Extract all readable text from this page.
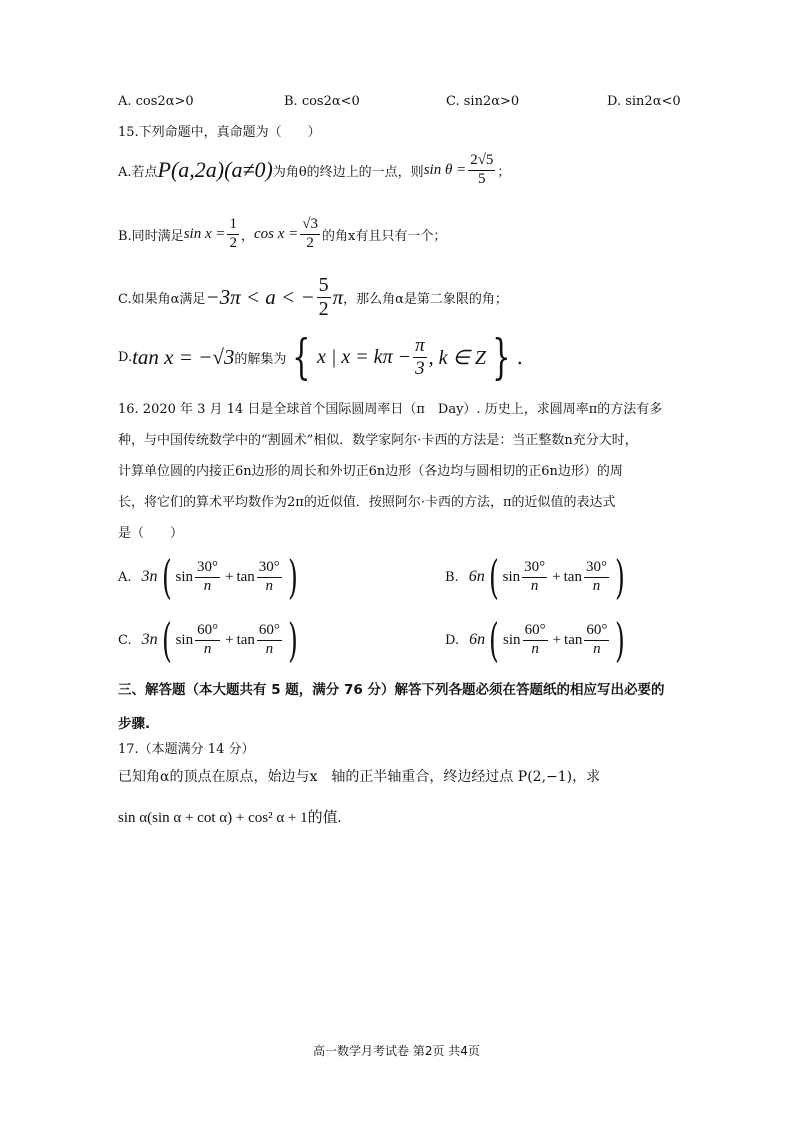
A. cos2α>0	B. cos2α<0	C. sin2α>0	D. sin2α<0
15.下列命题中，真命题为（　　）
A.若点 P(a,2a)(a≠0) 为角θ的终边上的一点，则 $\sin \theta = \frac{2√5}{5}$ ；
B.同时满足 $\sin x = \frac{1}{2}$ ， $\cos x = \frac{√3}{2}$ 的角x有且只有一个；
C.如果角α满足 −3π < a < − $\frac{5}{2}$ π ，那么角α是第二象限的角；
D. tan x = −√3 的解集为 { x | $x = k\pi - \frac{\pi}{3}$ , k ∈ Z } .
16. 2020 年 3 月 14 日是全球首个国际圆周率日（π　Day）. 历史上，求圆周率π的方法有多
种，与中国传统数学中的“割圆术”相似．数学家阿尔·卡西的方法是：当正整数n充分大时，
计算单位圆的内接正6n边形的周长和外切正6n边形（各边均与圆相切的正6n边形）的周
长，将它们的算术平均数作为2π的近似值．按照阿尔·卡西的方法，π的近似值的表达式
是（　　）
A. 3n ( $\sin \frac{30^\circ}{n} + \tan \frac{30^\circ}{n}$ )	B. 6n ( $\sin \frac{30^\circ}{n} + \tan \frac{30^\circ}{n}$ )
C. 3n ( $\sin \frac{60^\circ}{n} + \tan \frac{60^\circ}{n}$ )	D. 6n ( $\sin \frac{60^\circ}{n} + \tan \frac{60^\circ}{n}$ )
三、解答题（本大题共有 5 题，满分 76 分）解答下列各题必须在答题纸的相应写出必要的
步骤.
17.（本题满分 14 分）
已知角α的顶点在原点，始边与x　轴的正半轴重合，终边经过点 P(2,−1)，求
sin α(sin α + cot α) + cos² α + 1的值.
高一数学月考试卷 第2页 共4页
